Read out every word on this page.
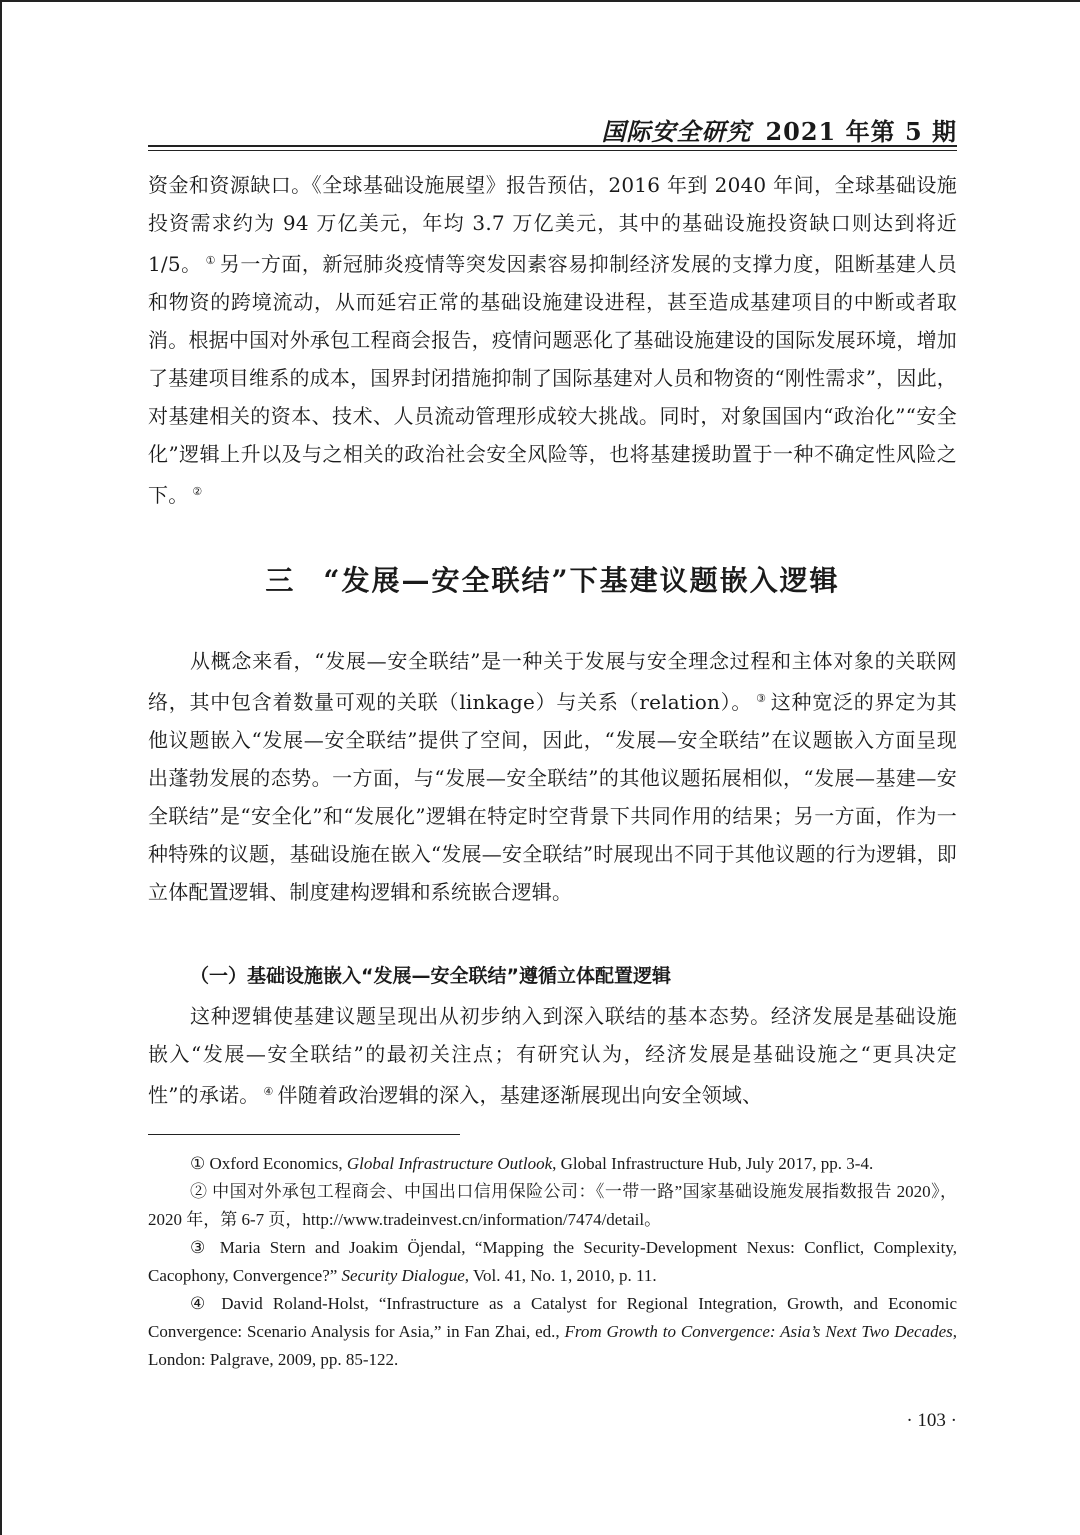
国际安全研究 2021 年第 5 期
资金和资源缺口。《全球基础设施展望》报告预估，2016 年到 2040 年间，全球基础设施投资需求约为 94 万亿美元，年均 3.7 万亿美元，其中的基础设施投资缺口则达到将近 1/5。 ① 另一方面，新冠肺炎疫情等突发因素容易抑制经济发展的支撑力度，阻断基建人员和物资的跨境流动，从而延宕正常的基础设施建设进程，甚至造成基建项目的中断或者取消。根据中国对外承包工程商会报告，疫情问题恶化了基础设施建设的国际发展环境，增加了基建项目维系的成本，国界封闭措施抑制了国际基建对人员和物资的“刚性需求”，因此，对基建相关的资本、技术、人员流动管理形成较大挑战。同时，对象国国内“政治化”“安全化”逻辑上升以及与之相关的政治社会安全风险等，也将基建援助置于一种不确定性风险之下。 ②
三 “发展—安全联结”下基建议题嵌入逻辑
从概念来看，“发展—安全联结”是一种关于发展与安全理念过程和主体对象的关联网络，其中包含着数量可观的关联（linkage）与关系（relation）。 ③ 这种宽泛的界定为其他议题嵌入“发展—安全联结”提供了空间，因此，“发展—安全联结”在议题嵌入方面呈现出蓬勃发展的态势。一方面，与“发展—安全联结”的其他议题拓展相似，“发展—基建—安全联结”是“安全化”和“发展化”逻辑在特定时空背景下共同作用的结果；另一方面，作为一种特殊的议题，基础设施在嵌入“发展—安全联结”时展现出不同于其他议题的行为逻辑，即立体配置逻辑、制度建构逻辑和系统嵌合逻辑。
（一）基础设施嵌入“发展—安全联结”遵循立体配置逻辑
这种逻辑使基建议题呈现出从初步纳入到深入联结的基本态势。经济发展是基础设施嵌入“发展—安全联结”的最初关注点；有研究认为，经济发展是基础设施之“更具决定性”的承诺。 ④ 伴随着政治逻辑的深入，基建逐渐展现出向安全领域、
① Oxford Economics, Global Infrastructure Outlook, Global Infrastructure Hub, July 2017, pp. 3-4.
② 中国对外承包工程商会、中国出口信用保险公司：《一带一路”国家基础设施发展指数报告 2020》，2020 年，第 6-7 页，http://www.tradeinvest.cn/information/7474/detail。
③ Maria Stern and Joakim Öjendal, “Mapping the Security-Development Nexus: Conflict, Complexity, Cacophony, Convergence?” Security Dialogue, Vol. 41, No. 1, 2010, p. 11.
④ David Roland-Holst, “Infrastructure as a Catalyst for Regional Integration, Growth, and Economic Convergence: Scenario Analysis for Asia,” in Fan Zhai, ed., From Growth to Convergence: Asia’s Next Two Decades, London: Palgrave, 2009, pp. 85-122.
· 103 ·
